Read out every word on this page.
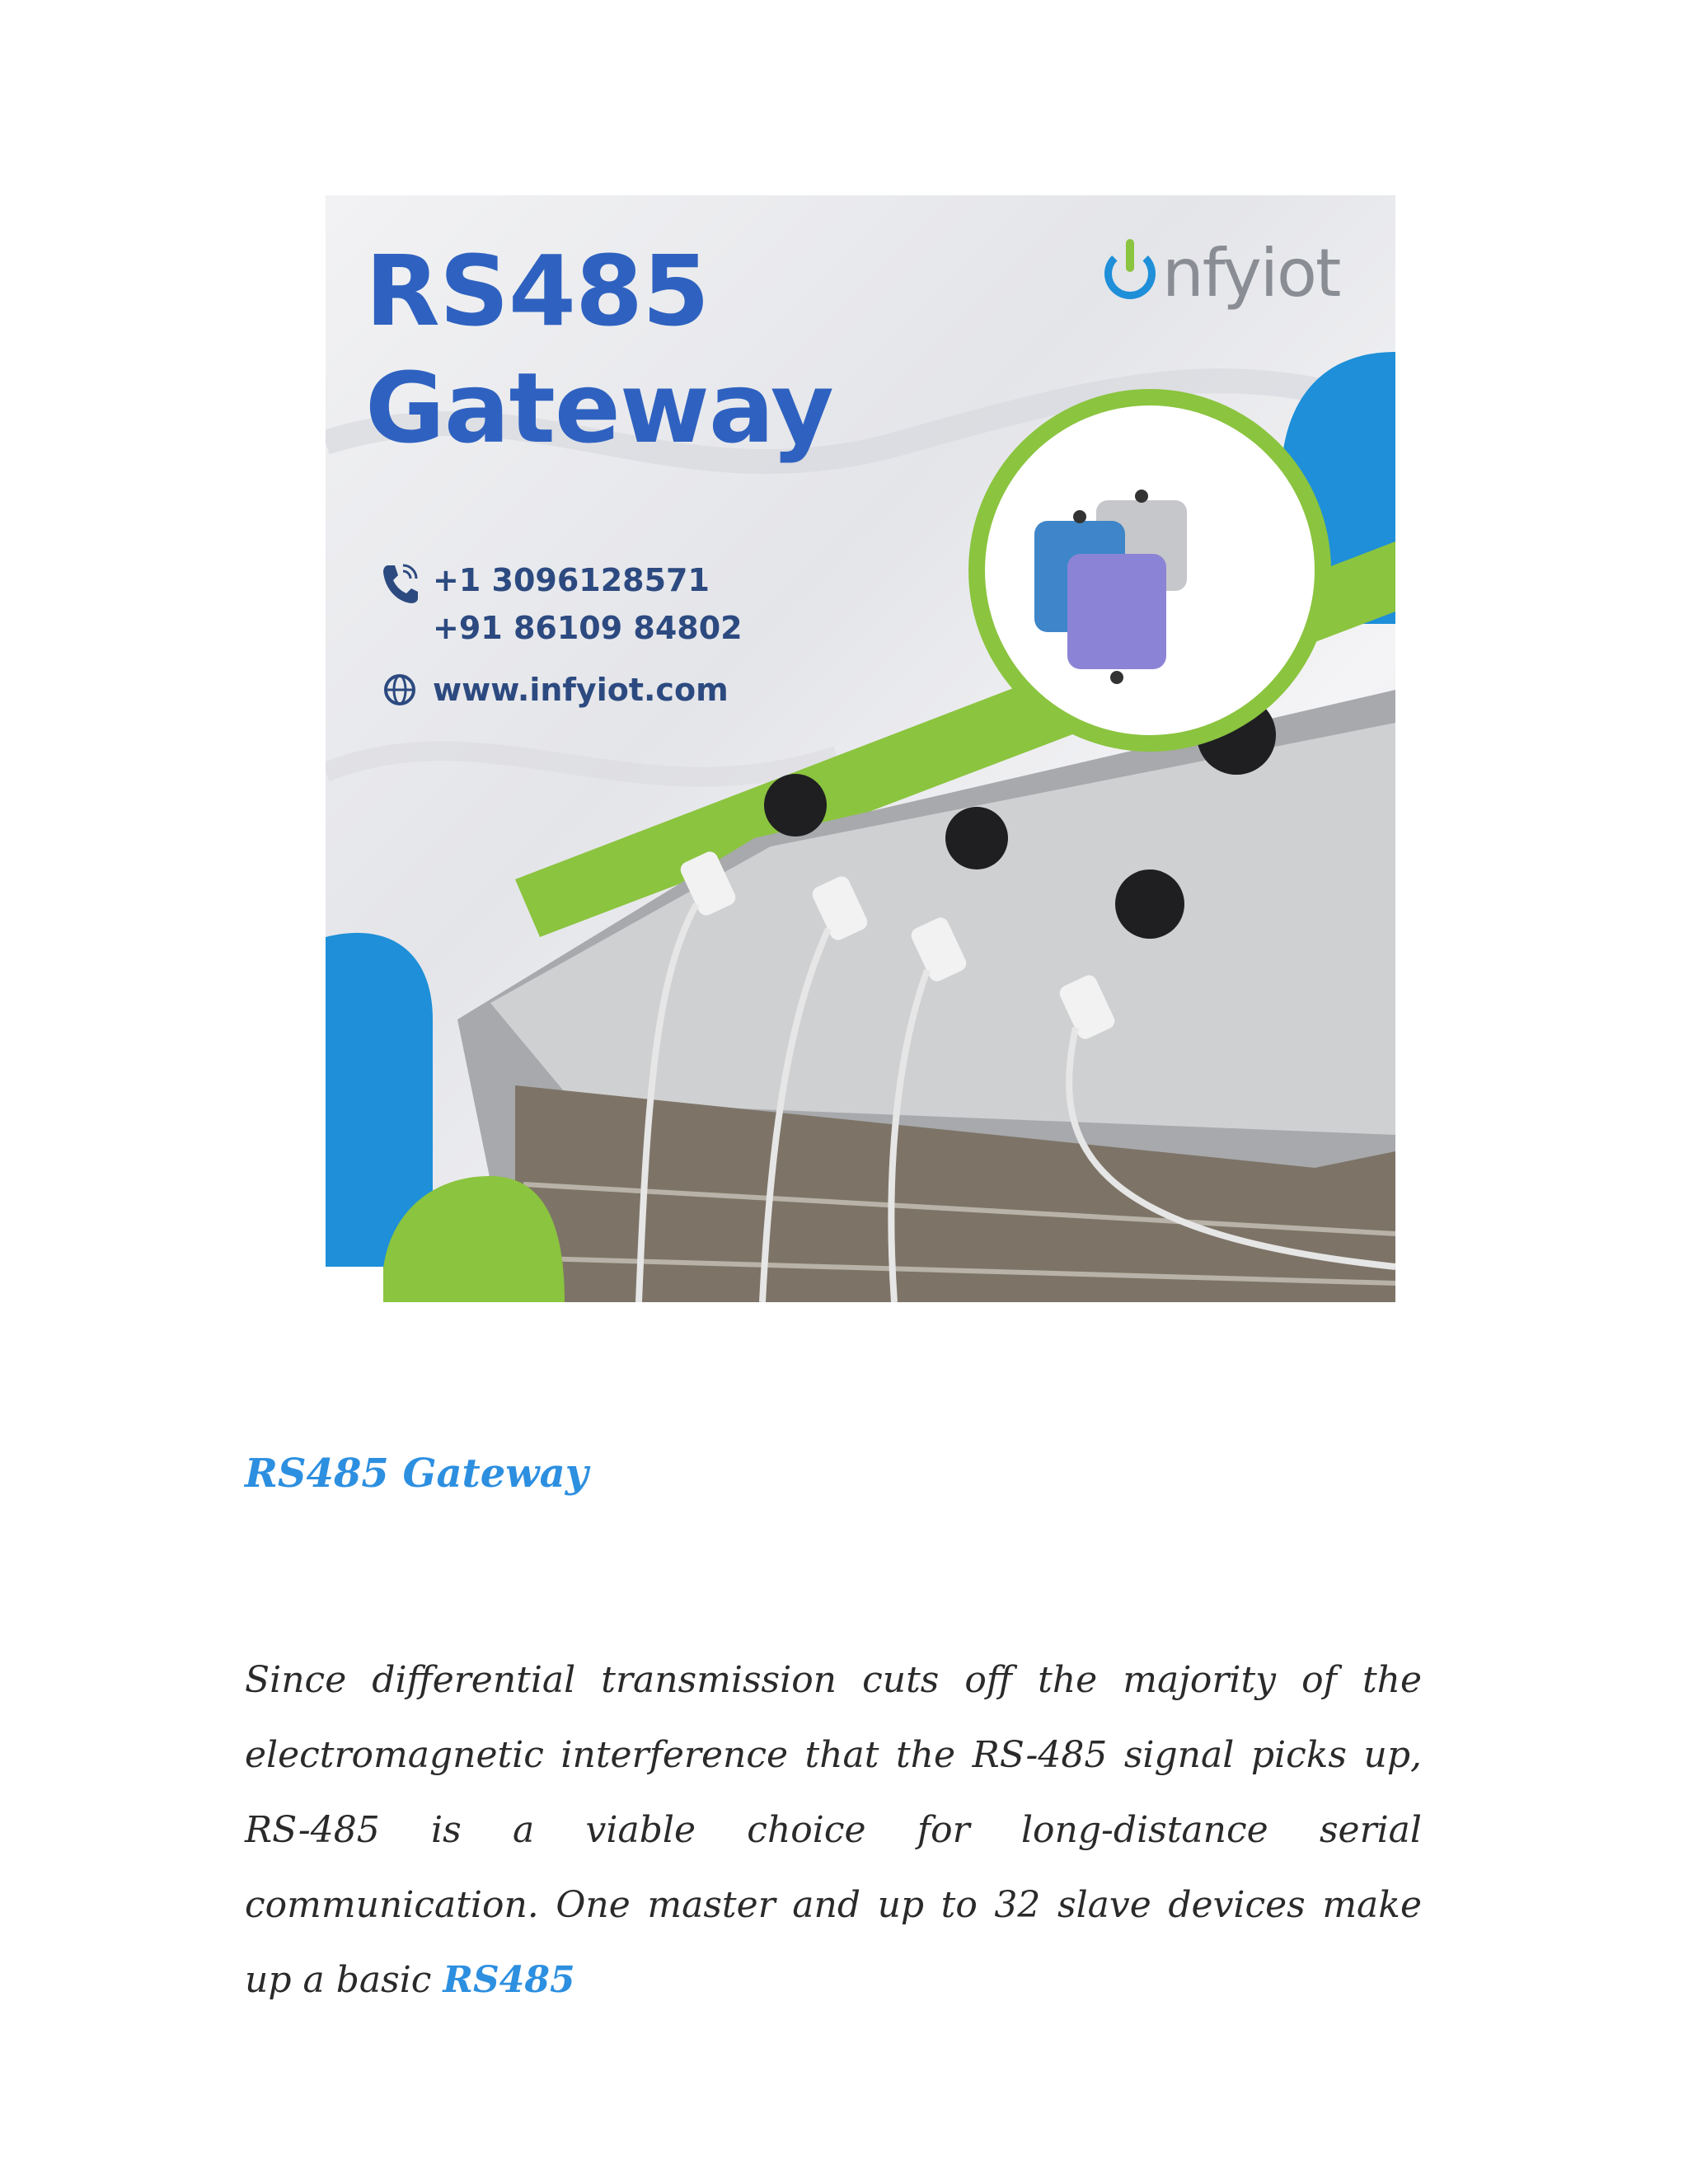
RS485
Gateway
nfyiot
+1 3096128571
+91 86109 84802
www.infyiot.com
RS485 Gateway

Since differential transmission cuts off the majority of the electromagnetic interference that the RS-485 signal picks up, RS-485 is a viable choice for long-distance serial communication. One master and up to 32 slave devices make up a basic RS485
